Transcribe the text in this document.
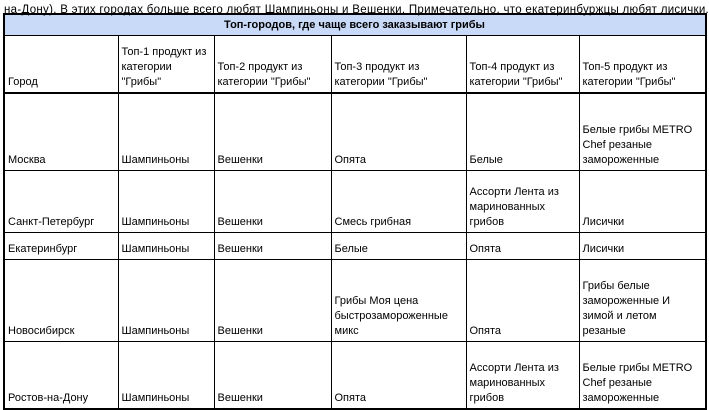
на-Дону). В этих городах больше всего любят Шампиньоны и Вешенки. Примечательно, что екатеринбуржцы любят лисички.
Топ-городов, где чаще всего заказывают грибы					
Город	Топ-1 продукт из категории "Грибы"	Топ-2 продукт из категории "Грибы"	Топ-3 продукт из категории "Грибы"	Топ-4 продукт из категории "Грибы"	Топ-5 продукт из категории "Грибы"
Москва	Шампиньоны	Вешенки	Опята	Белые	Белые грибы METRO Chef резаные замороженные
Санкт-Петербург	Шампиньоны	Вешенки	Смесь грибная	Ассорти Лента из маринованных грибов	Лисички
Екатеринбург	Шампиньоны	Вешенки	Белые	Опята	Лисички
Новосибирск	Шампиньоны	Вешенки	Грибы Моя цена быстрозамороженные микс	Опята	Грибы белые замороженные И зимой и летом резаные
Ростов-на-Дону	Шампиньоны	Вешенки	Опята	Ассорти Лента из маринованных грибов	Белые грибы METRO Chef резаные замороженные
